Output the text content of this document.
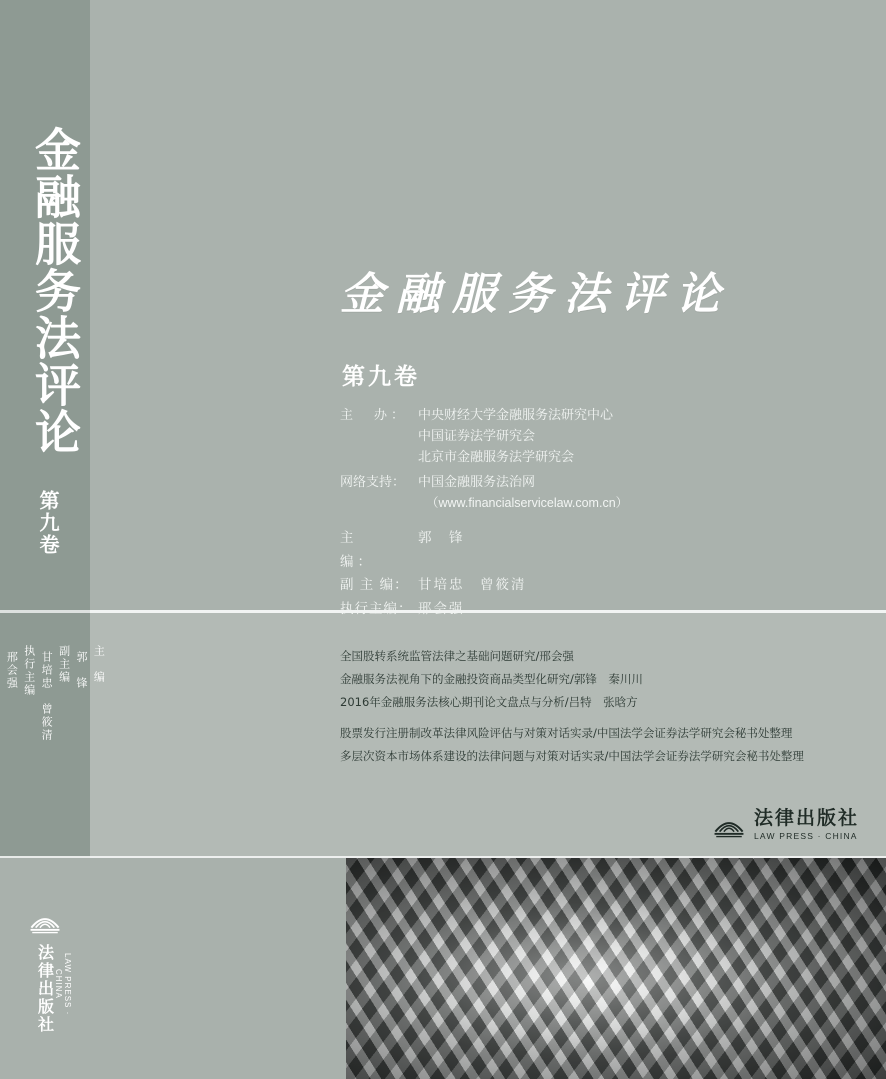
金融服务法评论
第九卷
主　编
郭　锋
副主编
甘培忠　曾筱清
执行主编
邢会强
法律出版社	LAW PRESS · CHINA
金融服务法评论
第九卷
主　办： 中央财经大学金融服务法研究中心
中国证券法学研究会
北京市金融服务法学研究会
网络支持： 中国金融服务法治网
（www.financialservicelaw.com.cn）
主　　编：
郭　锋
副 主 编： 甘培忠　曾筱清
执行主编： 邢会强
全国股转系统监管法律之基础问题研究/邢会强
金融服务法视角下的金融投资商品类型化研究/郭锋　秦川川
2016年金融服务法核心期刊论文盘点与分析/吕特　张晗方
股票发行注册制改革法律风险评估与对策对话实录/中国法学会证券法学研究会秘书处整理
多层次资本市场体系建设的法律问题与对策对话实录/中国法学会证券法学研究会秘书处整理
法律出版社
LAW PRESS · CHINA
